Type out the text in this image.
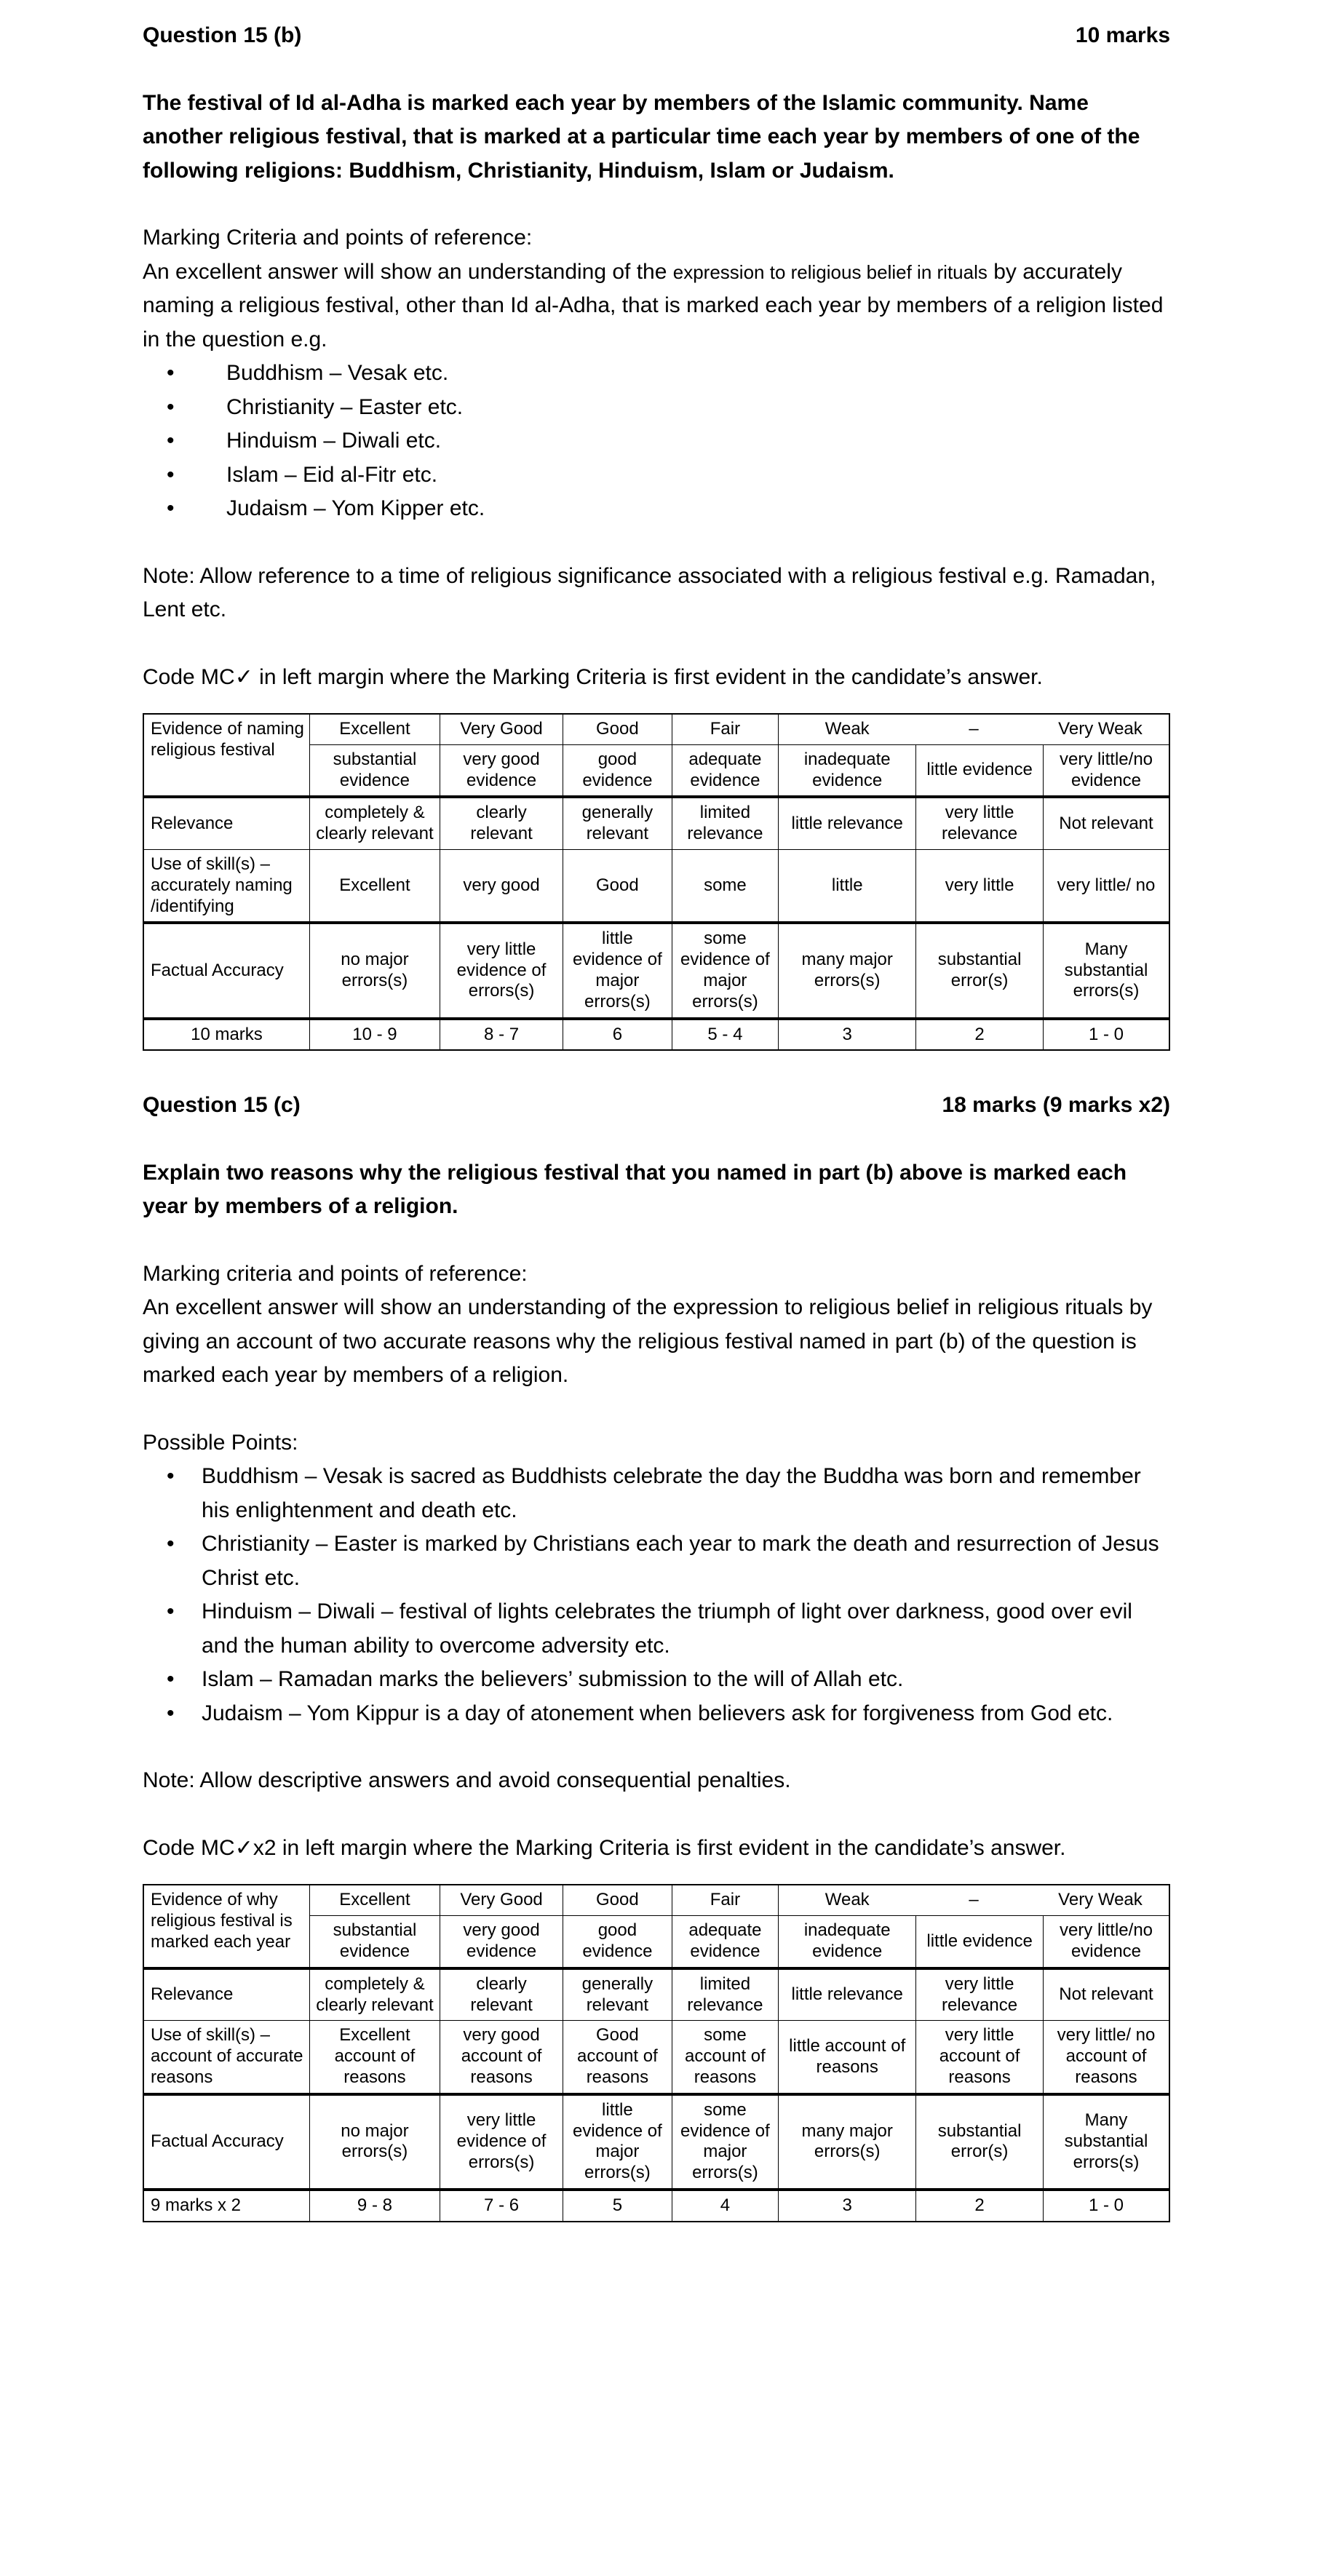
Question 15 (b)	10 marks

The festival of Id al-Adha is marked each year by members of the Islamic community. Name another religious festival, that is marked at a particular time each year by members of one of the following religions: Buddhism, Christianity, Hinduism, Islam or Judaism.

Marking Criteria and points of reference:

An excellent answer will show an understanding of the expression to religious belief in rituals by accurately naming a religious festival, other than Id al-Adha, that is marked each year by members of a religion listed in the question e.g.

• Buddhism – Vesak etc.
• Christianity – Easter etc.
• Hinduism – Diwali etc.
• Islam – Eid al-Fitr etc.
• Judaism – Yom Kipper etc.

Note: Allow reference to a time of religious significance associated with a religious festival e.g. Ramadan, Lent etc.

Code MC✓ in left margin where the Marking Criteria is first evident in the candidate’s answer.

Evidence of naming religious festival	Excellent	Very Good	Good	Fair	Weak – Very Weak		
	substantial evidence	very good evidence	good evidence	adequate evidence	inadequate evidence	little evidence	very little/no evidence
Relevance	completely & clearly relevant	clearly relevant	generally relevant	limited relevance	little relevance	very little relevance	Not relevant
Use of skill(s) – accurately naming /identifying	Excellent	very good	Good	some	little	very little	very little/ no
Factual Accuracy	no major errors(s)	very little evidence of errors(s)	little evidence of major errors(s)	some evidence of major errors(s)	many major errors(s)	substantial error(s)	Many substantial errors(s)
10 marks	10 - 9	8 - 7	6	5 - 4	3	2	1 - 0
Question 15 (c)	18 marks (9 marks x2)

Explain two reasons why the religious festival that you named in part (b) above is marked each year by members of a religion.

Marking criteria and points of reference:

An excellent answer will show an understanding of the expression to religious belief in religious rituals by giving an account of two accurate reasons why the religious festival named in part (b) of the question is marked each year by members of a religion.

Possible Points:

• Buddhism – Vesak is sacred as Buddhists celebrate the day the Buddha was born and remember his enlightenment and death etc.
• Christianity – Easter is marked by Christians each year to mark the death and resurrection of Jesus Christ etc.
• Hinduism – Diwali – festival of lights celebrates the triumph of light over darkness, good over evil and the human ability to overcome adversity etc.
• Islam – Ramadan marks the believers’ submission to the will of Allah etc.
• Judaism – Yom Kippur is a day of atonement when believers ask for forgiveness from God etc.

Note: Allow descriptive answers and avoid consequential penalties.

Code MC✓x2 in left margin where the Marking Criteria is first evident in the candidate’s answer.

Evidence of why religious festival is marked each year	Excellent	Very Good	Good	Fair	Weak – Very Weak		
	substantial evidence	very good evidence	good evidence	adequate evidence	inadequate evidence	little evidence	very little/no evidence
Relevance	completely & clearly relevant	clearly relevant	generally relevant	limited relevance	little relevance	very little relevance	Not relevant
Use of skill(s) – account of accurate reasons	Excellent account of reasons	very good account of reasons	Good account of reasons	some account of reasons	little account of reasons	very little account of reasons	very little/ no account of reasons
Factual Accuracy	no major errors(s)	very little evidence of errors(s)	little evidence of major errors(s)	some evidence of major errors(s)	many major errors(s)	substantial error(s)	Many substantial errors(s)
9 marks x 2	9 - 8	7 - 6	5	4	3	2	1 - 0
